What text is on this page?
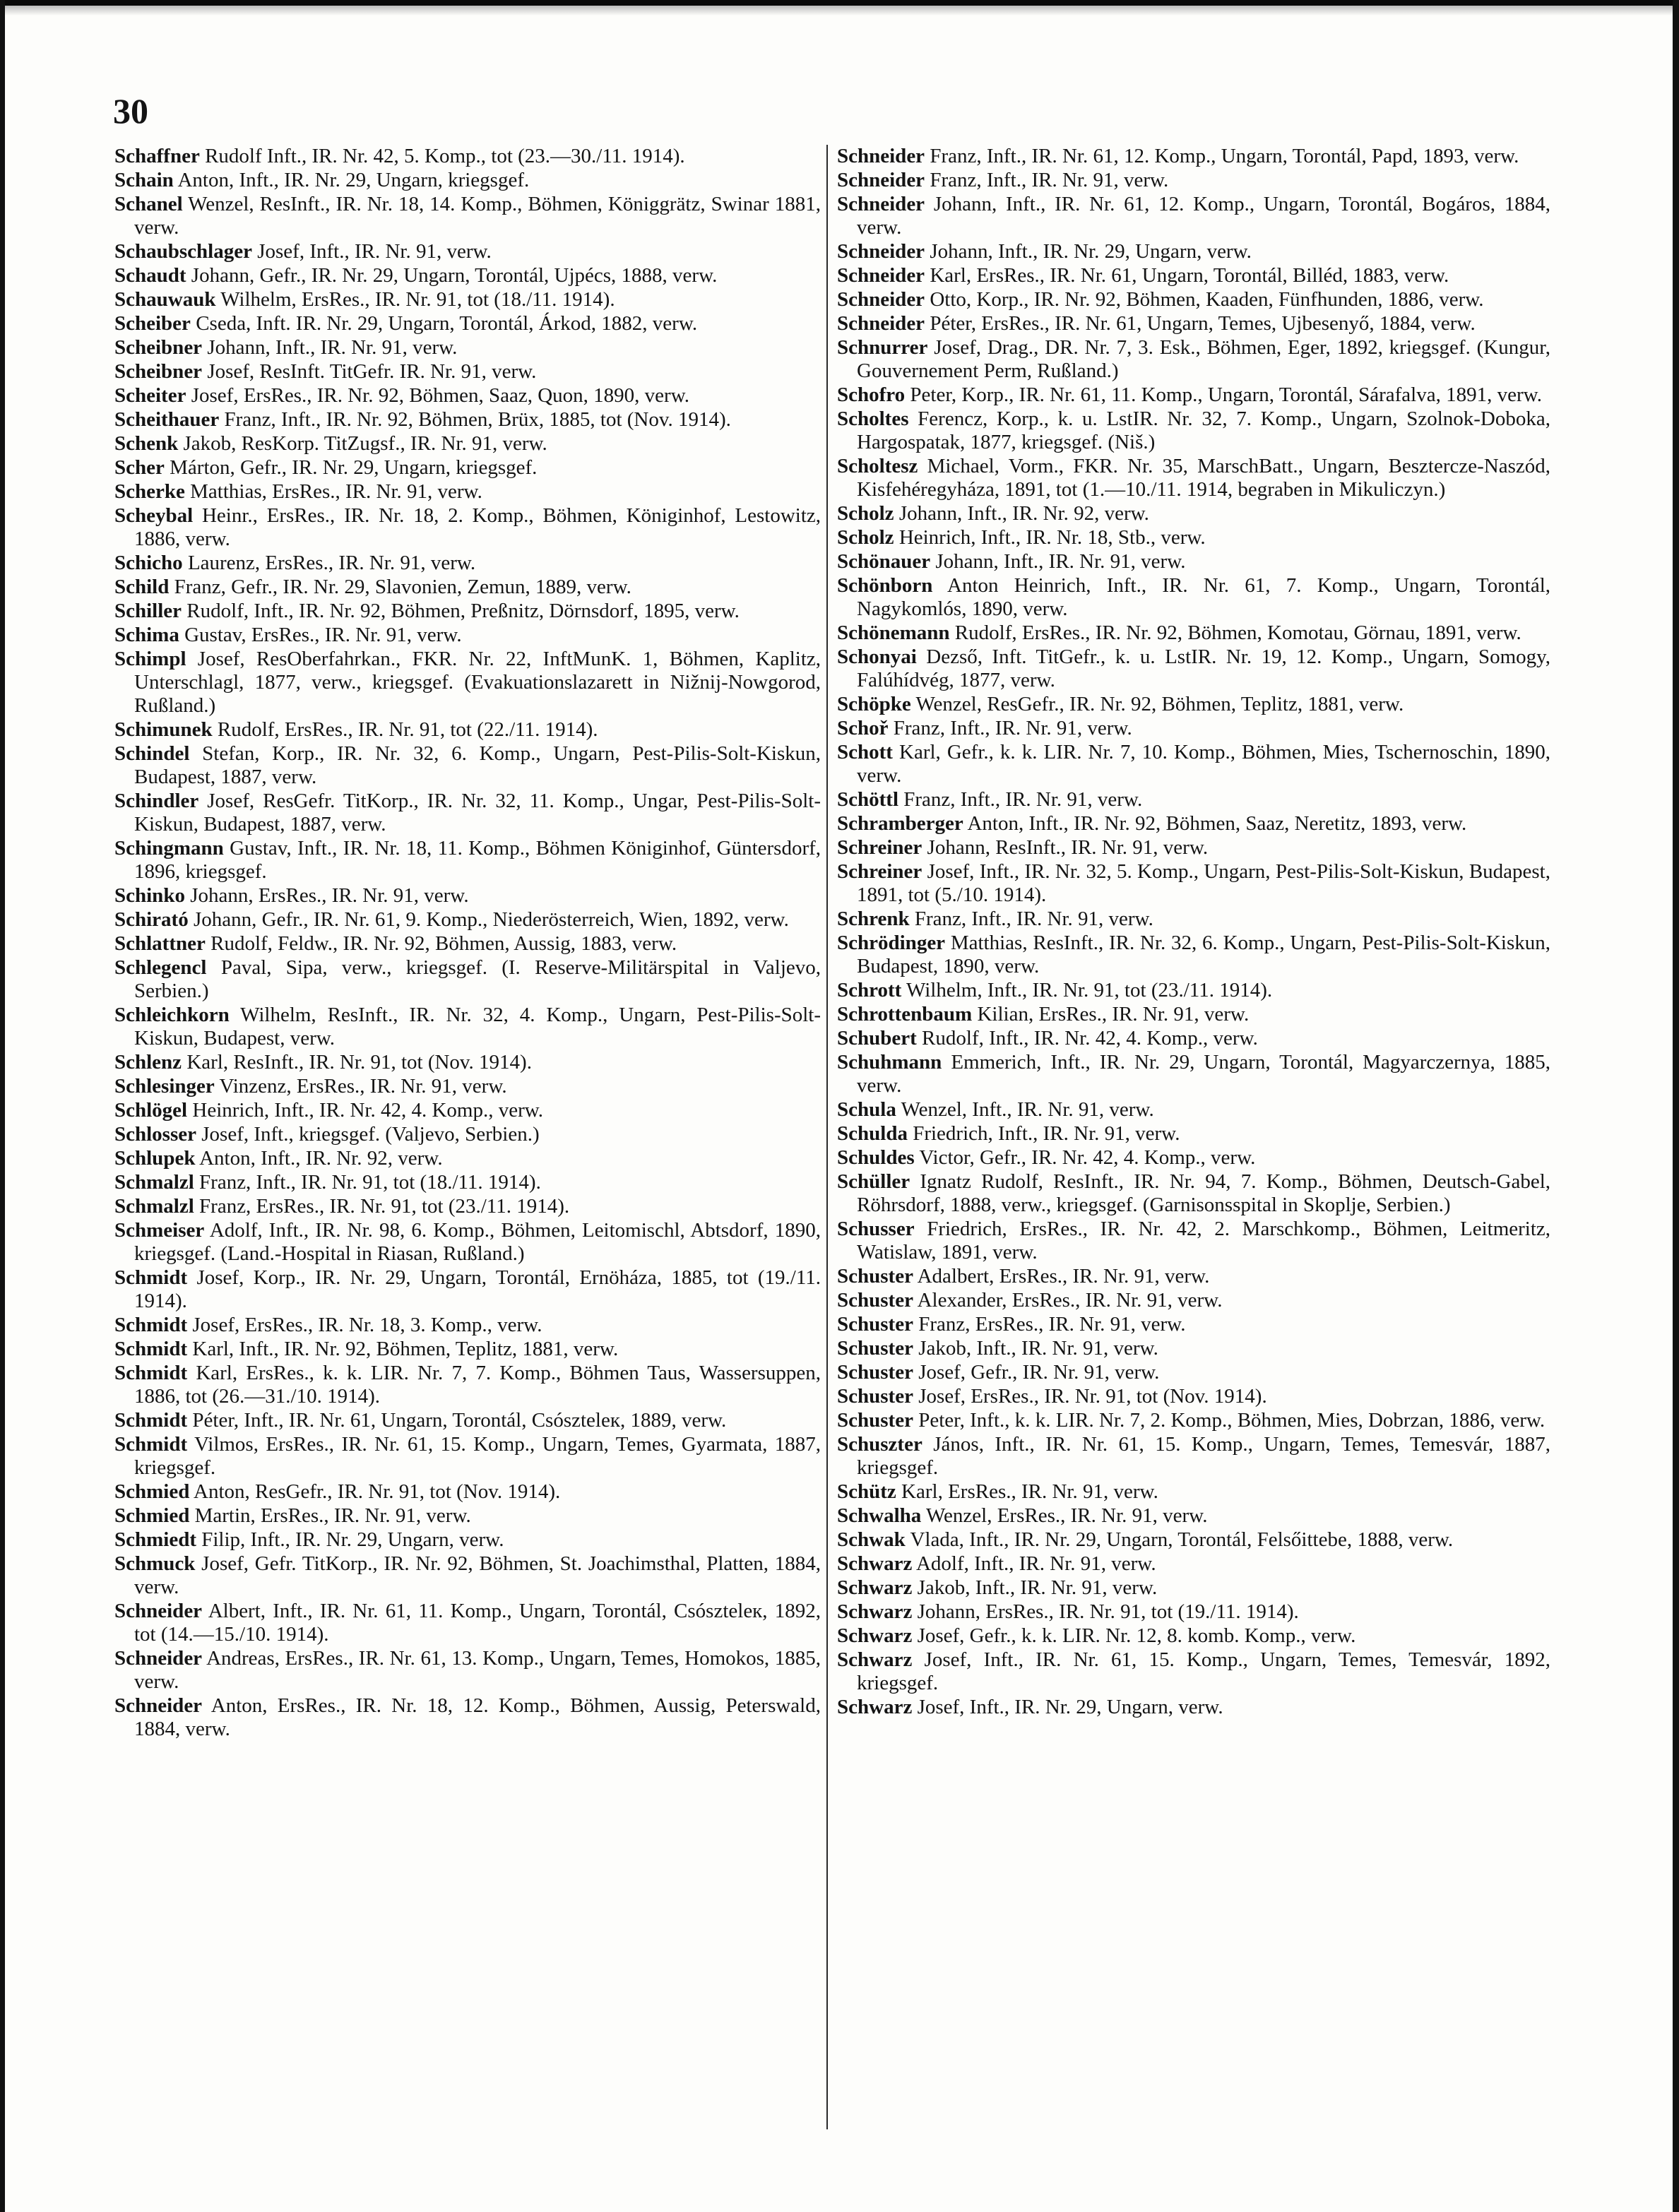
30

Schaffner Rudolf Inft., IR. Nr. 42, 5. Komp., tot (23.—30./11. 1914).

Schain Anton, Inft., IR. Nr. 29, Ungarn, kriegsgef.

Schanel Wenzel, ResInft., IR. Nr. 18, 14. Komp., Böhmen, Königgrätz, Swinar 1881, verw.

Schaubschlager Josef, Inft., IR. Nr. 91, verw.

Schaudt Johann, Gefr., IR. Nr. 29, Ungarn, Torontál, Ujpécs, 1888, verw.

Schauwauk Wilhelm, ErsRes., IR. Nr. 91, tot (18./11. 1914).

Scheiber Cseda, Inft. IR. Nr. 29, Ungarn, Torontál, Árkod, 1882, verw.

Scheibner Johann, Inft., IR. Nr. 91, verw.

Scheibner Josef, ResInft. TitGefr. IR. Nr. 91, verw.

Scheiter Josef, ErsRes., IR. Nr. 92, Böhmen, Saaz, Quon, 1890, verw.

Scheithauer Franz, Inft., IR. Nr. 92, Böhmen, Brüx, 1885, tot (Nov. 1914).

Schenk Jakob, ResKorp. TitZugsf., IR. Nr. 91, verw.

Scher Márton, Gefr., IR. Nr. 29, Ungarn, kriegsgef.

Scherke Matthias, ErsRes., IR. Nr. 91, verw.

Scheybal Heinr., ErsRes., IR. Nr. 18, 2. Komp., Böhmen, Königinhof, Lestowitz, 1886, verw.

Schicho Laurenz, ErsRes., IR. Nr. 91, verw.

Schild Franz, Gefr., IR. Nr. 29, Slavonien, Zemun, 1889, verw.

Schiller Rudolf, Inft., IR. Nr. 92, Böhmen, Preßnitz, Dörnsdorf, 1895, verw.

Schima Gustav, ErsRes., IR. Nr. 91, verw.

Schimpl Josef, ResOberfahrkan., FKR. Nr. 22, InftMunK. 1, Böhmen, Kaplitz, Unterschlagl, 1877, verw., kriegsgef. (Evakuationslazarett in Nižnij-Nowgorod, Rußland.)

Schimunek Rudolf, ErsRes., IR. Nr. 91, tot (22./11. 1914).

Schindel Stefan, Korp., IR. Nr. 32, 6. Komp., Ungarn, Pest-Pilis-Solt-Kiskun, Budapest, 1887, verw.

Schindler Josef, ResGefr. TitKorp., IR. Nr. 32, 11. Komp., Ungar, Pest-Pilis-Solt-Kiskun, Budapest, 1887, verw.

Schingmann Gustav, Inft., IR. Nr. 18, 11. Komp., Böhmen Königinhof, Güntersdorf, 1896, kriegsgef.

Schinko Johann, ErsRes., IR. Nr. 91, verw.

Schirató Johann, Gefr., IR. Nr. 61, 9. Komp., Niederösterreich, Wien, 1892, verw.

Schlattner Rudolf, Feldw., IR. Nr. 92, Böhmen, Aussig, 1883, verw.

Schlegencl Paval, Sipa, verw., kriegsgef. (I. Reserve-Militärspital in Valjevo, Serbien.)

Schleichkorn Wilhelm, ResInft., IR. Nr. 32, 4. Komp., Ungarn, Pest-Pilis-Solt-Kiskun, Budapest, verw.

Schlenz Karl, ResInft., IR. Nr. 91, tot (Nov. 1914).

Schlesinger Vinzenz, ErsRes., IR. Nr. 91, verw.

Schlögel Heinrich, Inft., IR. Nr. 42, 4. Komp., verw.

Schlosser Josef, Inft., kriegsgef. (Valjevo, Serbien.)

Schlupek Anton, Inft., IR. Nr. 92, verw.

Schmalzl Franz, Inft., IR. Nr. 91, tot (18./11. 1914).

Schmalzl Franz, ErsRes., IR. Nr. 91, tot (23./11. 1914).

Schmeiser Adolf, Inft., IR. Nr. 98, 6. Komp., Böhmen, Leitomischl, Abtsdorf, 1890, kriegsgef. (Land.-Hospital in Riasan, Rußland.)

Schmidt Josef, Korp., IR. Nr. 29, Ungarn, Torontál, Ernöháza, 1885, tot (19./11. 1914).

Schmidt Josef, ErsRes., IR. Nr. 18, 3. Komp., verw.

Schmidt Karl, Inft., IR. Nr. 92, Böhmen, Teplitz, 1881, verw.

Schmidt Karl, ErsRes., k. k. LIR. Nr. 7, 7. Komp., Böhmen Taus, Wassersuppen, 1886, tot (26.—31./10. 1914).

Schmidt Péter, Inft., IR. Nr. 61, Ungarn, Torontál, Csószteleк, 1889, verw.

Schmidt Vilmos, ErsRes., IR. Nr. 61, 15. Komp., Ungarn, Temes, Gyarmata, 1887, kriegsgef.

Schmied Anton, ResGefr., IR. Nr. 91, tot (Nov. 1914).

Schmied Martin, ErsRes., IR. Nr. 91, verw.

Schmiedt Filip, Inft., IR. Nr. 29, Ungarn, verw.

Schmuck Josef, Gefr. TitKorp., IR. Nr. 92, Böhmen, St. Joachimsthal, Platten, 1884, verw.

Schneider Albert, Inft., IR. Nr. 61, 11. Komp., Ungarn, Torontál, Csószteleк, 1892, tot (14.—15./10. 1914).

Schneider Andreas, ErsRes., IR. Nr. 61, 13. Komp., Ungarn, Temes, Homokos, 1885, verw.

Schneider Anton, ErsRes., IR. Nr. 18, 12. Komp., Böhmen, Aussig, Peterswald, 1884, verw.

Schneider Franz, Inft., IR. Nr. 61, 12. Komp., Ungarn, Torontál, Papd, 1893, verw.

Schneider Franz, Inft., IR. Nr. 91, verw.

Schneider Johann, Inft., IR. Nr. 61, 12. Komp., Ungarn, Torontál, Bogáros, 1884, verw.

Schneider Johann, Inft., IR. Nr. 29, Ungarn, verw.

Schneider Karl, ErsRes., IR. Nr. 61, Ungarn, Torontál, Billéd, 1883, verw.

Schneider Otto, Korp., IR. Nr. 92, Böhmen, Kaaden, Fünfhunden, 1886, verw.

Schneider Péter, ErsRes., IR. Nr. 61, Ungarn, Temes, Ujbesenyő, 1884, verw.

Schnurrer Josef, Drag., DR. Nr. 7, 3. Esk., Böhmen, Eger, 1892, kriegsgef. (Kungur, Gouvernement Perm, Rußland.)

Schofro Peter, Korp., IR. Nr. 61, 11. Komp., Ungarn, Torontál, Sárafalva, 1891, verw.

Scholtes Ferencz, Korp., k. u. LstIR. Nr. 32, 7. Komp., Ungarn, Szolnok-Doboka, Hargospatak, 1877, kriegsgef. (Niš.)

Scholtesz Michael, Vorm., FKR. Nr. 35, MarschBatt., Ungarn, Besztercze-Naszód, Kisfehéregyháza, 1891, tot (1.—10./11. 1914, begraben in Mikuliczyn.)

Scholz Johann, Inft., IR. Nr. 92, verw.

Scholz Heinrich, Inft., IR. Nr. 18, Stb., verw.

Schönauer Johann, Inft., IR. Nr. 91, verw.

Schönborn Anton Heinrich, Inft., IR. Nr. 61, 7. Komp., Ungarn, Torontál, Nagykomlós, 1890, verw.

Schönemann Rudolf, ErsRes., IR. Nr. 92, Böhmen, Komotau, Görnau, 1891, verw.

Schonyai Dezső, Inft. TitGefr., k. u. LstIR. Nr. 19, 12. Komp., Ungarn, Somogy, Falúhídvég, 1877, verw.

Schöpke Wenzel, ResGefr., IR. Nr. 92, Böhmen, Teplitz, 1881, verw.

Schoř Franz, Inft., IR. Nr. 91, verw.

Schott Karl, Gefr., k. k. LIR. Nr. 7, 10. Komp., Böhmen, Mies, Tschernoschin, 1890, verw.

Schöttl Franz, Inft., IR. Nr. 91, verw.

Schramberger Anton, Inft., IR. Nr. 92, Böhmen, Saaz, Neretitz, 1893, verw.

Schreiner Johann, ResInft., IR. Nr. 91, verw.

Schreiner Josef, Inft., IR. Nr. 32, 5. Komp., Ungarn, Pest-Pilis-Solt-Kiskun, Budapest, 1891, tot (5./10. 1914).

Schrenk Franz, Inft., IR. Nr. 91, verw.

Schrödinger Matthias, ResInft., IR. Nr. 32, 6. Komp., Ungarn, Pest-Pilis-Solt-Kiskun, Budapest, 1890, verw.

Schrott Wilhelm, Inft., IR. Nr. 91, tot (23./11. 1914).

Schrottenbaum Kilian, ErsRes., IR. Nr. 91, verw.

Schubert Rudolf, Inft., IR. Nr. 42, 4. Komp., verw.

Schuhmann Emmerich, Inft., IR. Nr. 29, Ungarn, Torontál, Magyarczernya, 1885, verw.

Schula Wenzel, Inft., IR. Nr. 91, verw.

Schulda Friedrich, Inft., IR. Nr. 91, verw.

Schuldes Victor, Gefr., IR. Nr. 42, 4. Komp., verw.

Schüller Ignatz Rudolf, ResInft., IR. Nr. 94, 7. Komp., Böhmen, Deutsch-Gabel, Röhrsdorf, 1888, verw., kriegsgef. (Garnisonsspital in Skoplje, Serbien.)

Schusser Friedrich, ErsRes., IR. Nr. 42, 2. Marschkomp., Böhmen, Leitmeritz, Watislaw, 1891, verw.

Schuster Adalbert, ErsRes., IR. Nr. 91, verw.

Schuster Alexander, ErsRes., IR. Nr. 91, verw.

Schuster Franz, ErsRes., IR. Nr. 91, verw.

Schuster Jakob, Inft., IR. Nr. 91, verw.

Schuster Josef, Gefr., IR. Nr. 91, verw.

Schuster Josef, ErsRes., IR. Nr. 91, tot (Nov. 1914).

Schuster Peter, Inft., k. k. LIR. Nr. 7, 2. Komp., Böhmen, Mies, Dobrzan, 1886, verw.

Schuszter János, Inft., IR. Nr. 61, 15. Komp., Ungarn, Temes, Temesvár, 1887, kriegsgef.

Schütz Karl, ErsRes., IR. Nr. 91, verw.

Schwalha Wenzel, ErsRes., IR. Nr. 91, verw.

Schwak Vlada, Inft., IR. Nr. 29, Ungarn, Torontál, Felsőittebe, 1888, verw.

Schwarz Adolf, Inft., IR. Nr. 91, verw.

Schwarz Jakob, Inft., IR. Nr. 91, verw.

Schwarz Johann, ErsRes., IR. Nr. 91, tot (19./11. 1914).

Schwarz Josef, Gefr., k. k. LIR. Nr. 12, 8. komb. Komp., verw.

Schwarz Josef, Inft., IR. Nr. 61, 15. Komp., Ungarn, Temes, Temesvár, 1892, kriegsgef.

Schwarz Josef, Inft., IR. Nr. 29, Ungarn, verw.
